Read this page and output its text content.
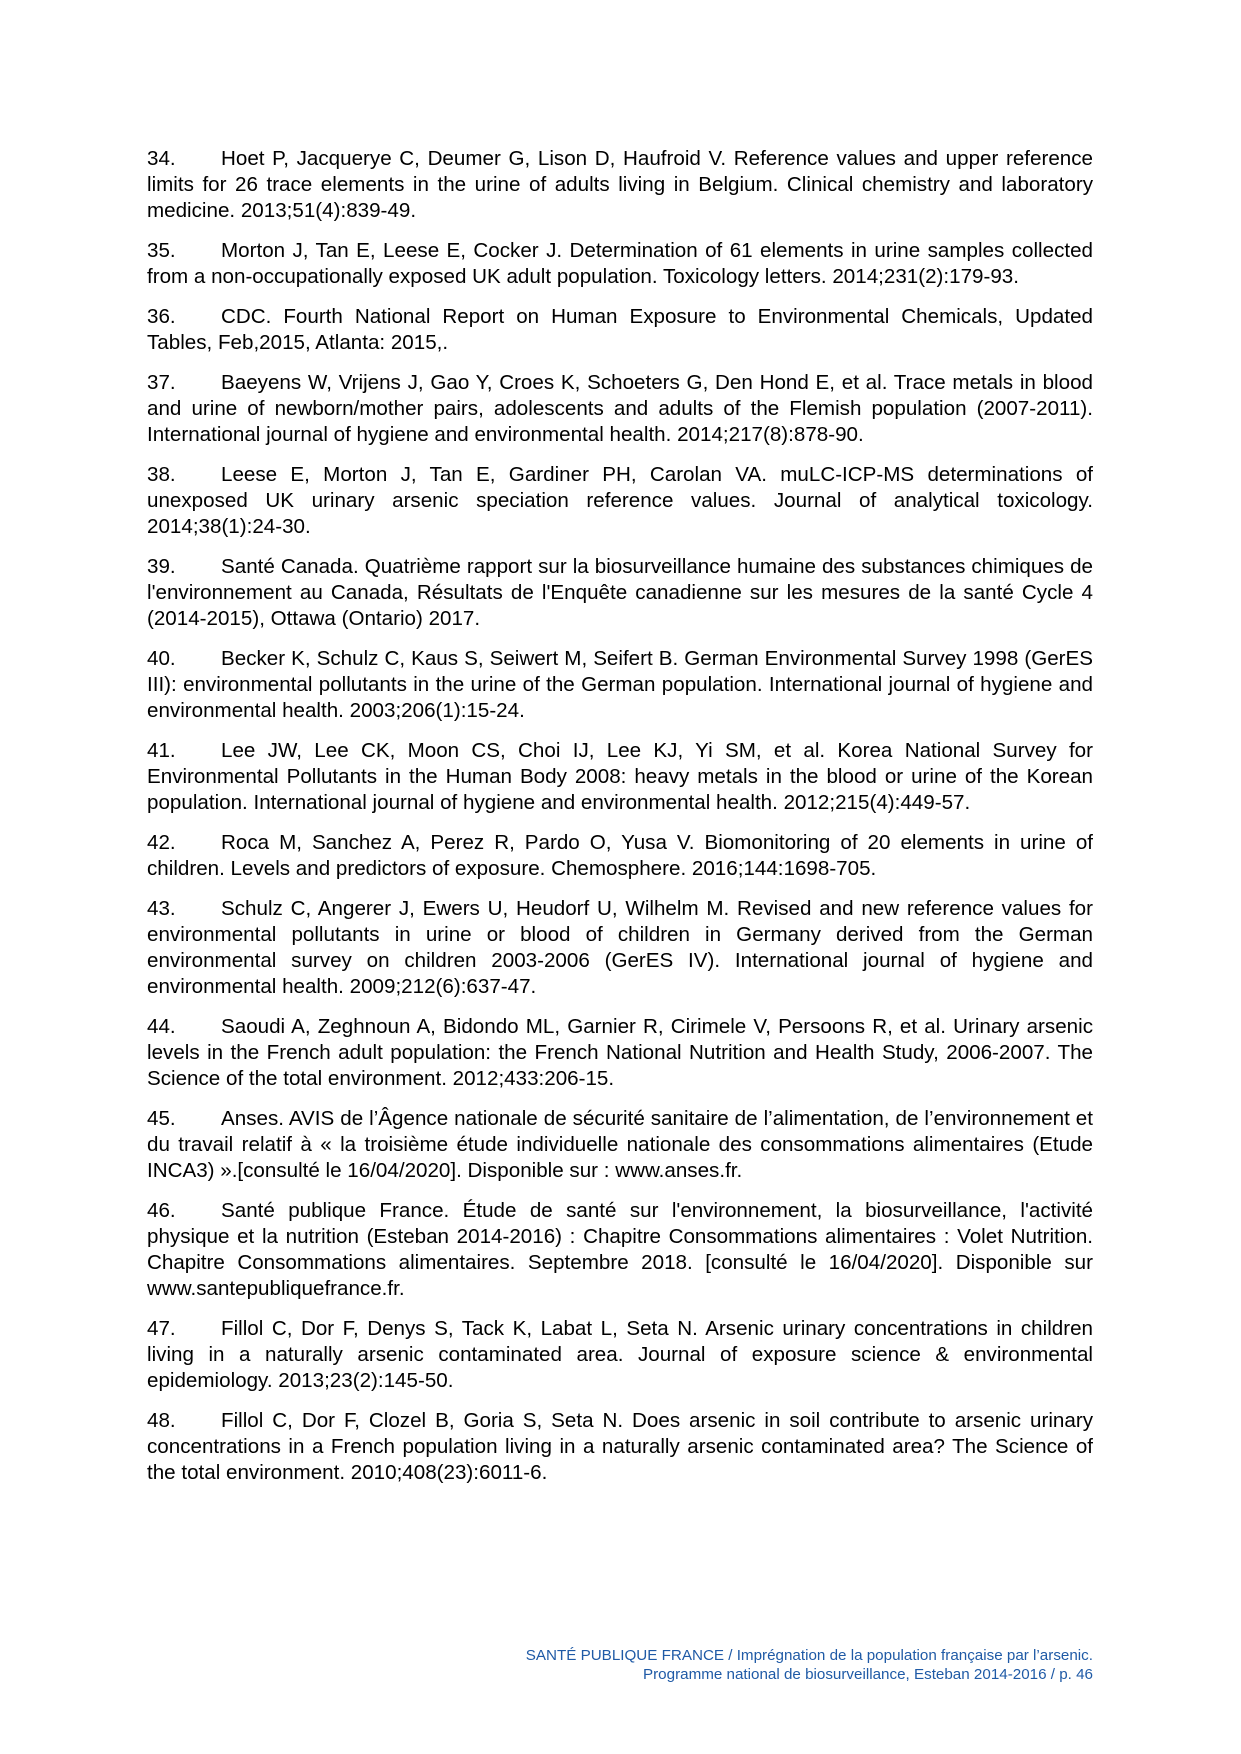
34. Hoet P, Jacquerye C, Deumer G, Lison D, Haufroid V. Reference values and upper reference limits for 26 trace elements in the urine of adults living in Belgium. Clinical chemistry and laboratory medicine. 2013;51(4):839-49.
35. Morton J, Tan E, Leese E, Cocker J. Determination of 61 elements in urine samples collected from a non-occupationally exposed UK adult population. Toxicology letters. 2014;231(2):179-93.
36. CDC. Fourth National Report on Human Exposure to Environmental Chemicals, Updated Tables, Feb,2015, Atlanta: 2015,.
37. Baeyens W, Vrijens J, Gao Y, Croes K, Schoeters G, Den Hond E, et al. Trace metals in blood and urine of newborn/mother pairs, adolescents and adults of the Flemish population (2007-2011). International journal of hygiene and environmental health. 2014;217(8):878-90.
38. Leese E, Morton J, Tan E, Gardiner PH, Carolan VA. muLC-ICP-MS determinations of unexposed UK urinary arsenic speciation reference values. Journal of analytical toxicology. 2014;38(1):24-30.
39. Santé Canada. Quatrième rapport sur la biosurveillance humaine des substances chimiques de l'environnement au Canada, Résultats de l'Enquête canadienne sur les mesures de la santé Cycle 4 (2014-2015), Ottawa (Ontario) 2017.
40. Becker K, Schulz C, Kaus S, Seiwert M, Seifert B. German Environmental Survey 1998 (GerES III): environmental pollutants in the urine of the German population. International journal of hygiene and environmental health. 2003;206(1):15-24.
41. Lee JW, Lee CK, Moon CS, Choi IJ, Lee KJ, Yi SM, et al. Korea National Survey for Environmental Pollutants in the Human Body 2008: heavy metals in the blood or urine of the Korean population. International journal of hygiene and environmental health. 2012;215(4):449-57.
42. Roca M, Sanchez A, Perez R, Pardo O, Yusa V. Biomonitoring of 20 elements in urine of children. Levels and predictors of exposure. Chemosphere. 2016;144:1698-705.
43. Schulz C, Angerer J, Ewers U, Heudorf U, Wilhelm M. Revised and new reference values for environmental pollutants in urine or blood of children in Germany derived from the German environmental survey on children 2003-2006 (GerES IV). International journal of hygiene and environmental health. 2009;212(6):637-47.
44. Saoudi A, Zeghnoun A, Bidondo ML, Garnier R, Cirimele V, Persoons R, et al. Urinary arsenic levels in the French adult population: the French National Nutrition and Health Study, 2006-2007. The Science of the total environment. 2012;433:206-15.
45. Anses. AVIS de l’Âgence nationale de sécurité sanitaire de l’alimentation, de l’environnement et du travail relatif à « la troisième étude individuelle nationale des consommations alimentaires (Etude INCA3) ».[consulté le 16/04/2020]. Disponible sur : www.anses.fr.
46. Santé publique France. Étude de santé sur l'environnement, la biosurveillance, l'activité physique et la nutrition (Esteban 2014-2016) : Chapitre Consommations alimentaires : Volet Nutrition. Chapitre Consommations alimentaires. Septembre 2018. [consulté le 16/04/2020]. Disponible sur www.santepubliquefrance.fr.
47. Fillol C, Dor F, Denys S, Tack K, Labat L, Seta N. Arsenic urinary concentrations in children living in a naturally arsenic contaminated area. Journal of exposure science & environmental epidemiology. 2013;23(2):145-50.
48. Fillol C, Dor F, Clozel B, Goria S, Seta N. Does arsenic in soil contribute to arsenic urinary concentrations in a French population living in a naturally arsenic contaminated area? The Science of the total environment. 2010;408(23):6011-6.
SANTÉ PUBLIQUE FRANCE / Imprégnation de la population française par l’arsenic.
Programme national de biosurveillance, Esteban 2014-2016 / p. 46
